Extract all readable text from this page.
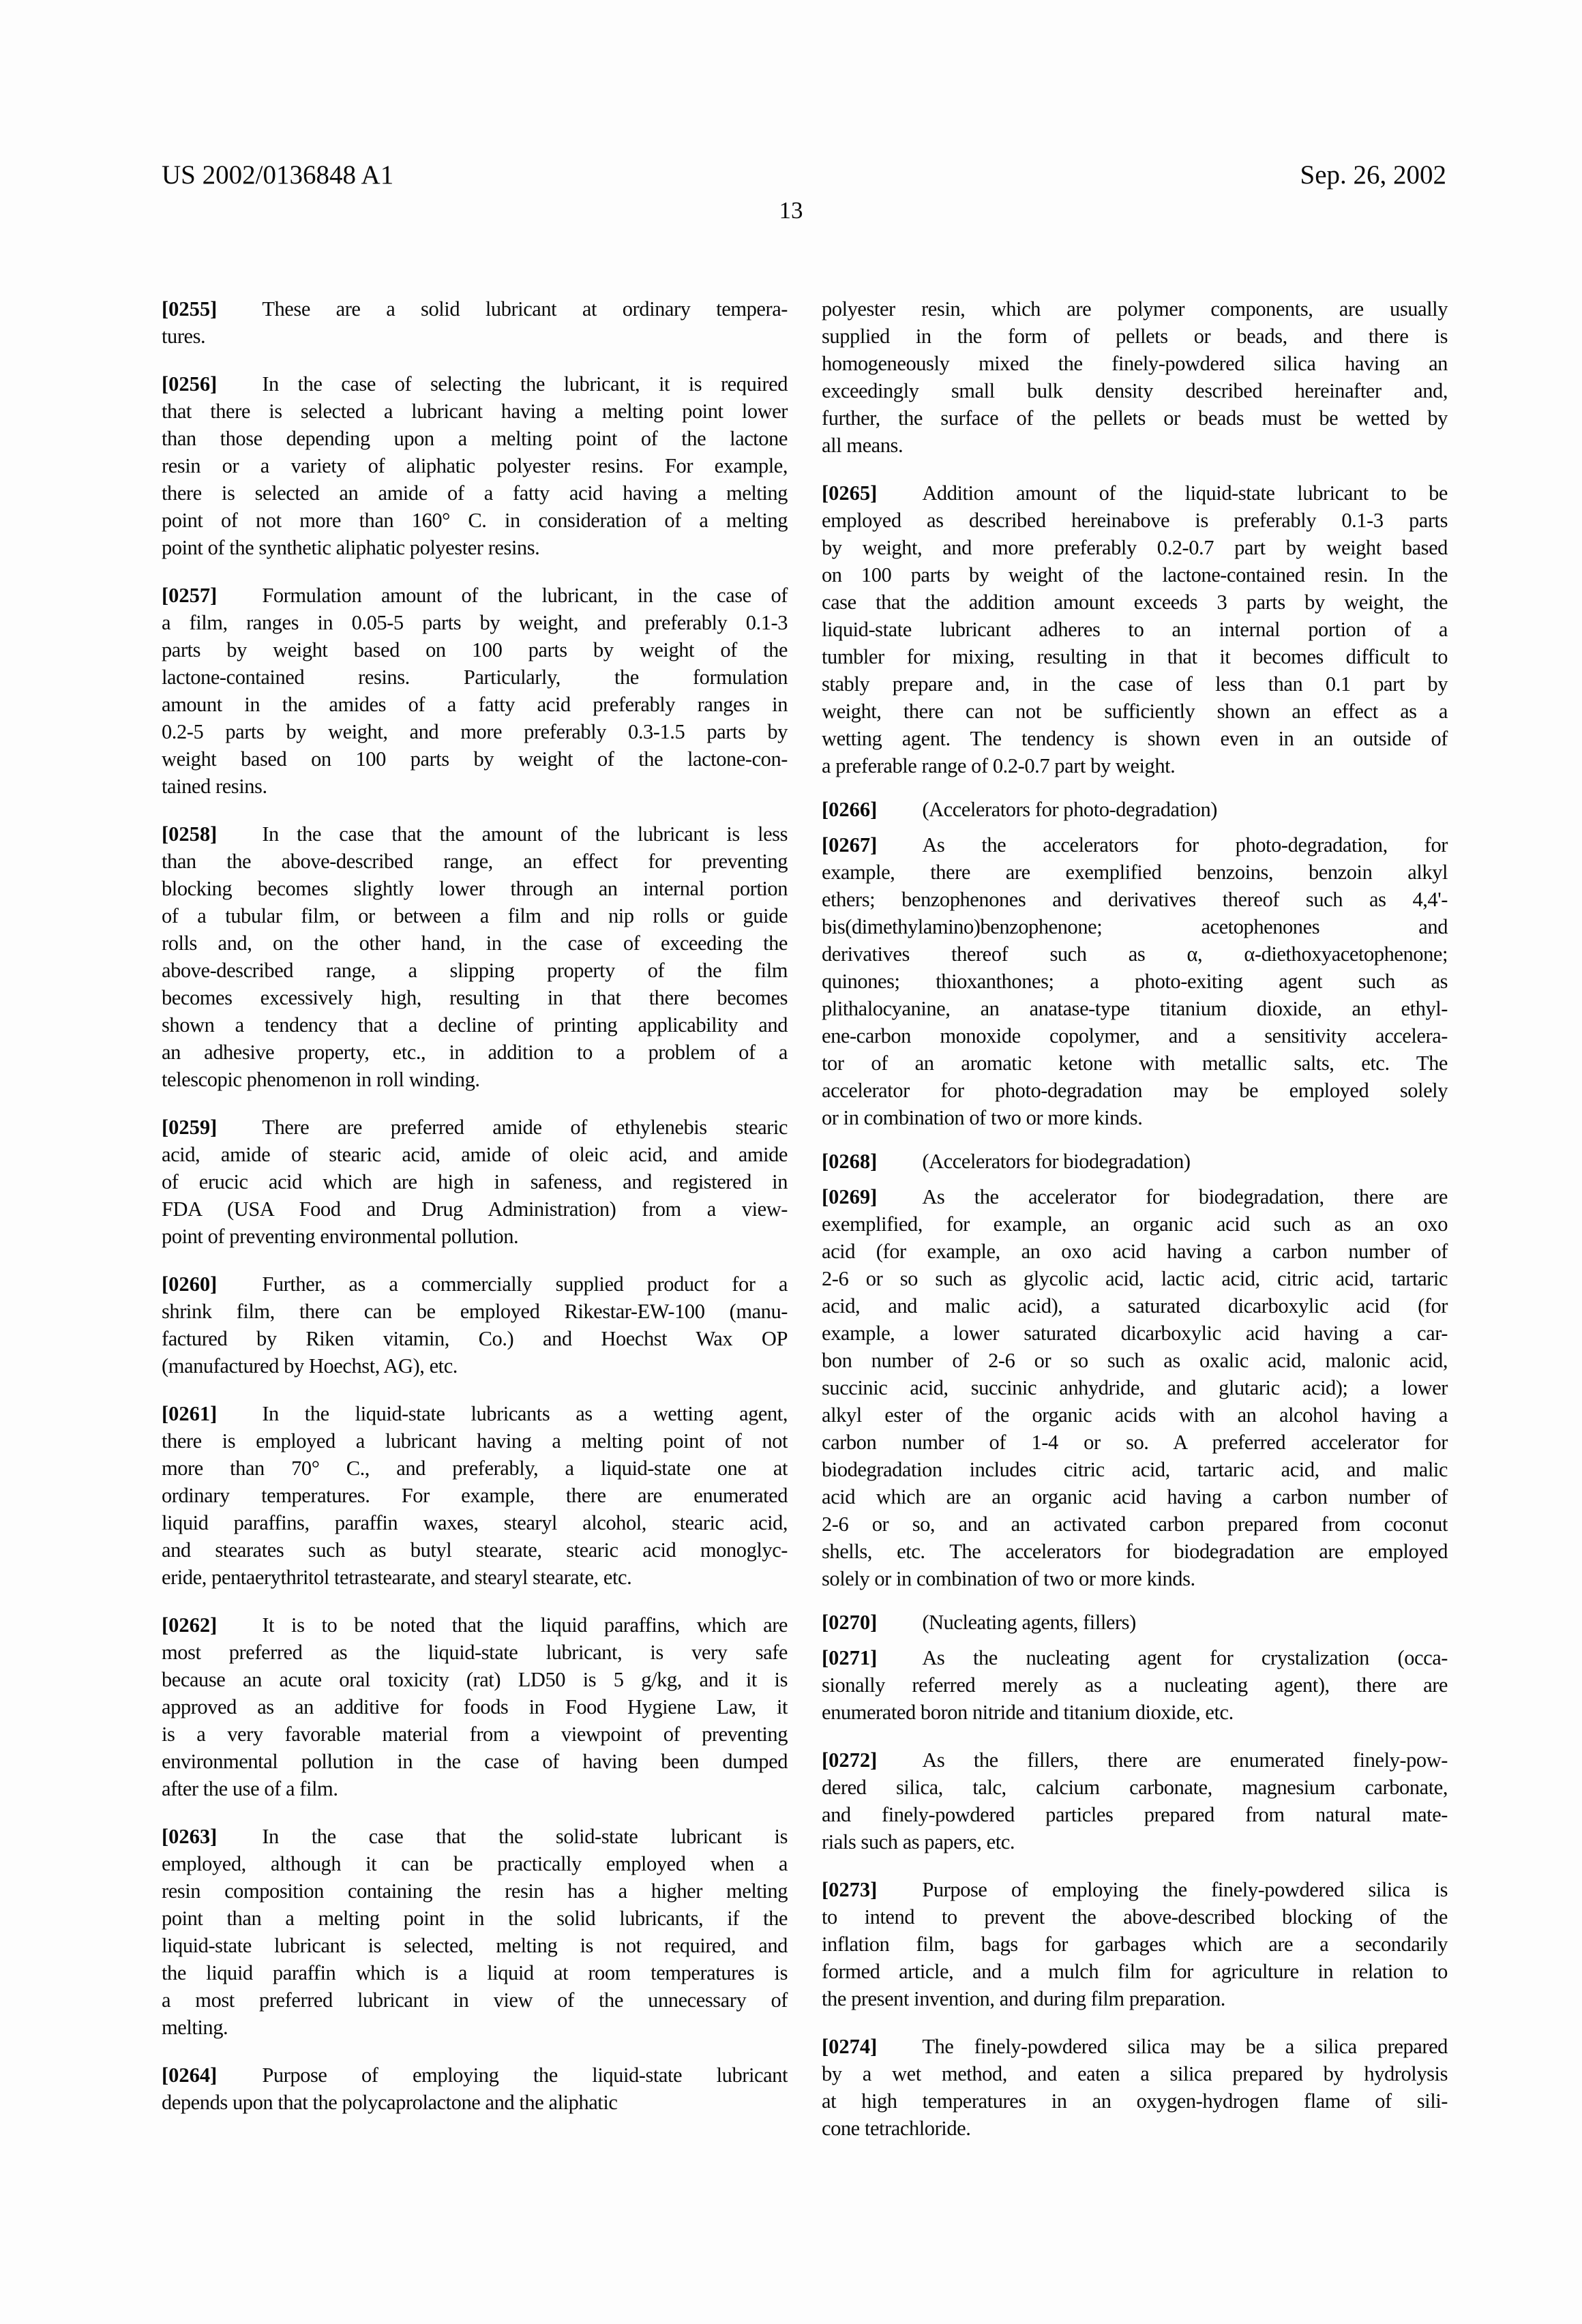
US 2002/0136848 A1	Sep. 26, 2002
13

[0255] These are a solid lubricant at ordinary tempera-
tures.

[0256] In the case of selecting the lubricant, it is required
that there is selected a lubricant having a melting point lower
than those depending upon a melting point of the lactone
resin or a variety of aliphatic polyester resins. For example,
there is selected an amide of a fatty acid having a melting
point of not more than 160° C. in consideration of a melting
point of the synthetic aliphatic polyester resins.

[0257] Formulation amount of the lubricant, in the case of
a film, ranges in 0.05-5 parts by weight, and preferably 0.1-3
parts by weight based on 100 parts by weight of the
lactone-contained resins. Particularly, the formulation
amount in the amides of a fatty acid preferably ranges in
0.2-5 parts by weight, and more preferably 0.3-1.5 parts by
weight based on 100 parts by weight of the lactone-con-
tained resins.

[0258] In the case that the amount of the lubricant is less
than the above-described range, an effect for preventing
blocking becomes slightly lower through an internal portion
of a tubular film, or between a film and nip rolls or guide
rolls and, on the other hand, in the case of exceeding the
above-described range, a slipping property of the film
becomes excessively high, resulting in that there becomes
shown a tendency that a decline of printing applicability and
an adhesive property, etc., in addition to a problem of a
telescopic phenomenon in roll winding.

[0259] There are preferred amide of ethylenebis stearic
acid, amide of stearic acid, amide of oleic acid, and amide
of erucic acid which are high in safeness, and registered in
FDA (USA Food and Drug Administration) from a view-
point of preventing environmental pollution.

[0260] Further, as a commercially supplied product for a
shrink film, there can be employed Rikestar-EW-100 (manu-
factured by Riken vitamin, Co.) and Hoechst Wax OP
(manufactured by Hoechst, AG), etc.

[0261] In the liquid-state lubricants as a wetting agent,
there is employed a lubricant having a melting point of not
more than 70° C., and preferably, a liquid-state one at
ordinary temperatures. For example, there are enumerated
liquid paraffins, paraffin waxes, stearyl alcohol, stearic acid,
and stearates such as butyl stearate, stearic acid monoglyc-
eride, pentaerythritol tetrastearate, and stearyl stearate, etc.

[0262] It is to be noted that the liquid paraffins, which are
most preferred as the liquid-state lubricant, is very safe
because an acute oral toxicity (rat) LD50 is 5 g/kg, and it is
approved as an additive for foods in Food Hygiene Law, it
is a very favorable material from a viewpoint of preventing
environmental pollution in the case of having been dumped
after the use of a film.

[0263] In the case that the solid-state lubricant is
employed, although it can be practically employed when a
resin composition containing the resin has a higher melting
point than a melting point in the solid lubricants, if the
liquid-state lubricant is selected, melting is not required, and
the liquid paraffin which is a liquid at room temperatures is
a most preferred lubricant in view of the unnecessary of
melting.

[0264] Purpose of employing the liquid-state lubricant
depends upon that the polycaprolactone and the aliphatic

polyester resin, which are polymer components, are usually
supplied in the form of pellets or beads, and there is
homogeneously mixed the finely-powdered silica having an
exceedingly small bulk density described hereinafter and,
further, the surface of the pellets or beads must be wetted by
all means.

[0265] Addition amount of the liquid-state lubricant to be
employed as described hereinabove is preferably 0.1-3 parts
by weight, and more preferably 0.2-0.7 part by weight based
on 100 parts by weight of the lactone-contained resin. In the
case that the addition amount exceeds 3 parts by weight, the
liquid-state lubricant adheres to an internal portion of a
tumbler for mixing, resulting in that it becomes difficult to
stably prepare and, in the case of less than 0.1 part by
weight, there can not be sufficiently shown an effect as a
wetting agent. The tendency is shown even in an outside of
a preferable range of 0.2-0.7 part by weight.

[0266] (Accelerators for photo-degradation)

[0267] As the accelerators for photo-degradation, for
example, there are exemplified benzoins, benzoin alkyl
ethers; benzophenones and derivatives thereof such as 4,4'-
bis(dimethylamino)benzophenone; acetophenones and
derivatives thereof such as α, α-diethoxyacetophenone;
quinones; thioxanthones; a photo-exiting agent such as
plithalocyanine, an anatase-type titanium dioxide, an ethyl-
ene-carbon monoxide copolymer, and a sensitivity accelera-
tor of an aromatic ketone with metallic salts, etc. The
accelerator for photo-degradation may be employed solely
or in combination of two or more kinds.

[0268] (Accelerators for biodegradation)

[0269] As the accelerator for biodegradation, there are
exemplified, for example, an organic acid such as an oxo
acid (for example, an oxo acid having a carbon number of
2-6 or so such as glycolic acid, lactic acid, citric acid, tartaric
acid, and malic acid), a saturated dicarboxylic acid (for
example, a lower saturated dicarboxylic acid having a car-
bon number of 2-6 or so such as oxalic acid, malonic acid,
succinic acid, succinic anhydride, and glutaric acid); a lower
alkyl ester of the organic acids with an alcohol having a
carbon number of 1-4 or so. A preferred accelerator for
biodegradation includes citric acid, tartaric acid, and malic
acid which are an organic acid having a carbon number of
2-6 or so, and an activated carbon prepared from coconut
shells, etc. The accelerators for biodegradation are employed
solely or in combination of two or more kinds.

[0270] (Nucleating agents, fillers)

[0271] As the nucleating agent for crystalization (occa-
sionally referred merely as a nucleating agent), there are
enumerated boron nitride and titanium dioxide, etc.

[0272] As the fillers, there are enumerated finely-pow-
dered silica, talc, calcium carbonate, magnesium carbonate,
and finely-powdered particles prepared from natural mate-
rials such as papers, etc.

[0273] Purpose of employing the finely-powdered silica is
to intend to prevent the above-described blocking of the
inflation film, bags for garbages which are a secondarily
formed article, and a mulch film for agriculture in relation to
the present invention, and during film preparation.

[0274] The finely-powdered silica may be a silica prepared
by a wet method, and eaten a silica prepared by hydrolysis
at high temperatures in an oxygen-hydrogen flame of sili-
cone tetrachloride.
